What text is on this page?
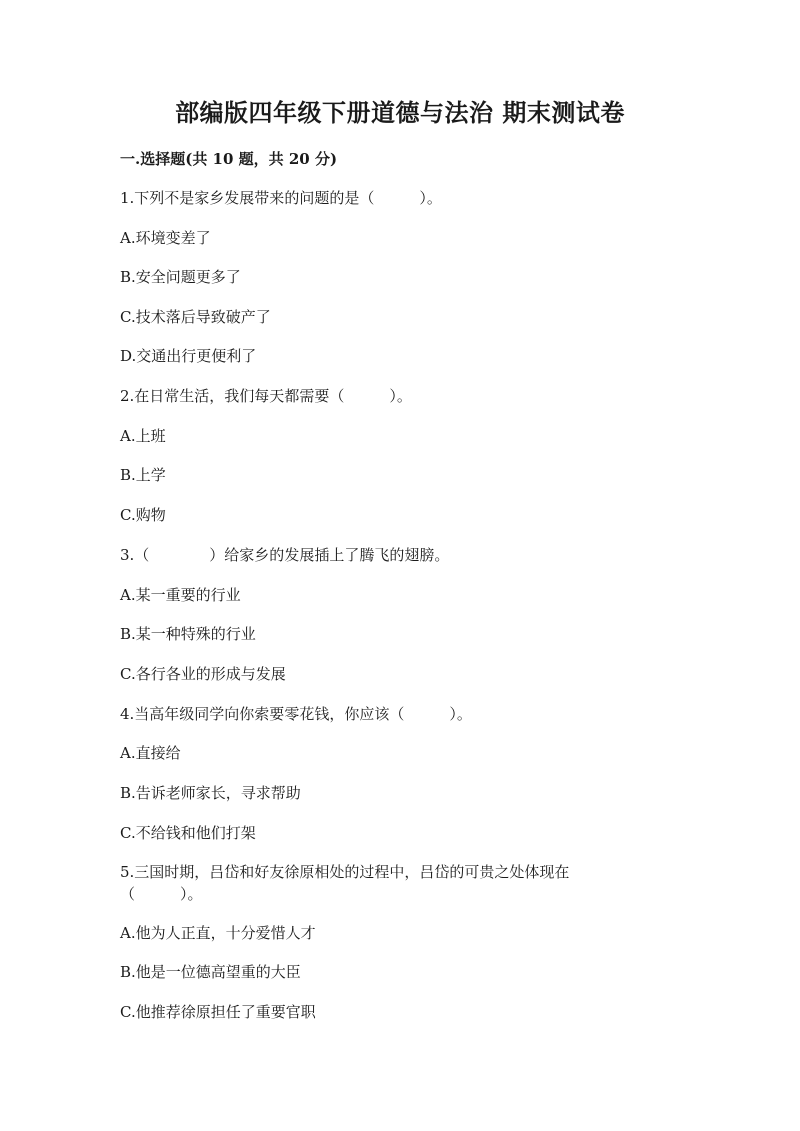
部编版四年级下册道德与法治 期末测试卷
一.选择题(共 10 题，共 20 分)
1.下列不是家乡发展带来的问题的是（　　　）。
A.环境变差了
B.安全问题更多了
C.技术落后导致破产了
D.交通出行更便利了
2.在日常生活，我们每天都需要（　　　）。
A.上班
B.上学
C.购物
3.（　　　　）给家乡的发展插上了腾飞的翅膀。
A.某一重要的行业
B.某一种特殊的行业
C.各行各业的形成与发展
4.当高年级同学向你索要零花钱，你应该（　　　）。
A.直接给
B.告诉老师家长，寻求帮助
C.不给钱和他们打架
5.三国时期，吕岱和好友徐原相处的过程中，吕岱的可贵之处体现在（　　　）。
A.他为人正直，十分爱惜人才
B.他是一位德高望重的大臣
C.他推荐徐原担任了重要官职
